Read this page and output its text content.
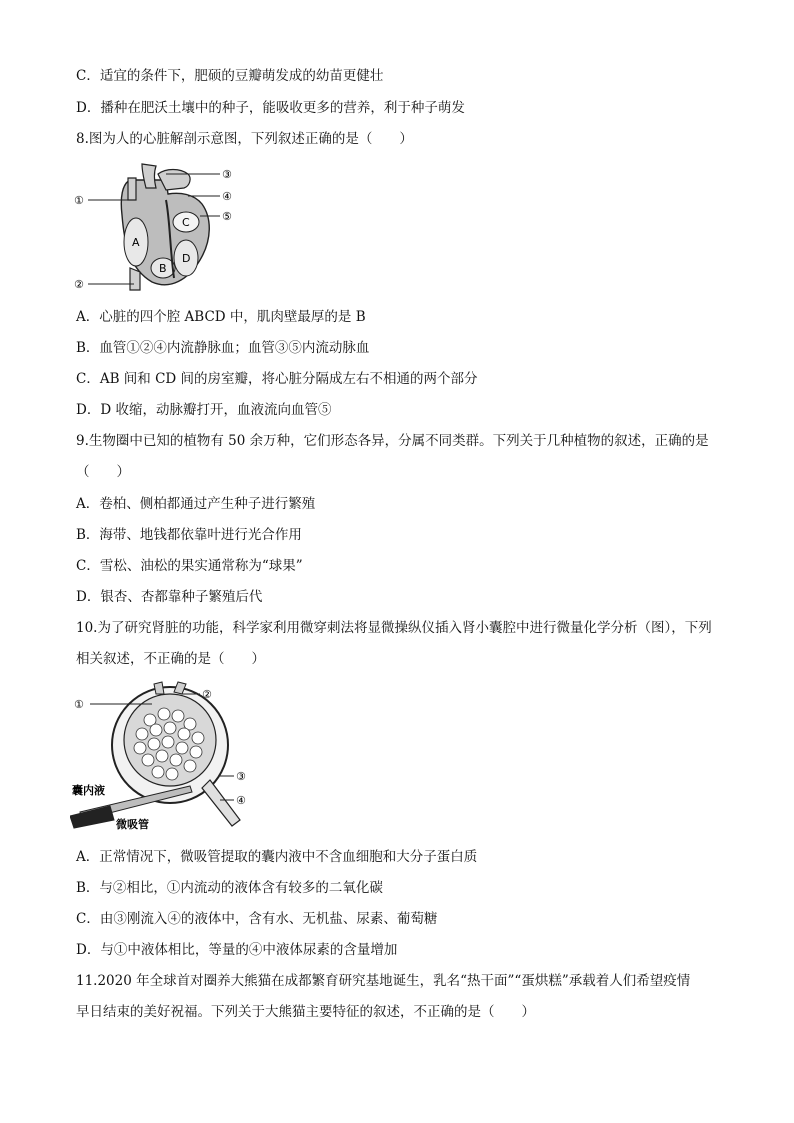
C．适宜的条件下，肥硕的豆瓣萌发成的幼苗更健壮
D．播种在肥沃土壤中的种子，能吸收更多的营养，利于种子萌发
8.图为人的心脏解剖示意图，下列叙述正确的是（　　）
A
B
C
D
①
②
③
④
⑤
A．心脏的四个腔 ABCD 中，肌肉壁最厚的是 B
B．血管①②④内流静脉血；血管③⑤内流动脉血
C．AB 间和 CD 间的房室瓣，将心脏分隔成左右不相通的两个部分
D．D 收缩，动脉瓣打开，血液流向血管⑤
9.生物圈中已知的植物有 50 余万种，它们形态各异，分属不同类群。下列关于几种植物的叙述，正确的是
（　　）
A．卷柏、侧柏都通过产生种子进行繁殖
B．海带、地钱都依靠叶进行光合作用
C．雪松、油松的果实通常称为“球果”
D．银杏、杏都靠种子繁殖后代
10.为了研究肾脏的功能，科学家利用微穿刺法将显微操纵仪插入肾小囊腔中进行微量化学分析（图），下列
相关叙述，不正确的是（　　）
①
②
③
④
囊内液
微吸管
A．正常情况下，微吸管提取的囊内液中不含血细胞和大分子蛋白质
B．与②相比，①内流动的液体含有较多的二氧化碳
C．由③刚流入④的液体中，含有水、无机盐、尿素、葡萄糖
D．与①中液体相比，等量的④中液体尿素的含量增加
11.2020 年全球首对圈养大熊猫在成都繁育研究基地诞生，乳名“热干面”“蛋烘糕”承载着人们希望疫情
早日结束的美好祝福。下列关于大熊猫主要特征的叙述，不正确的是（　　）
